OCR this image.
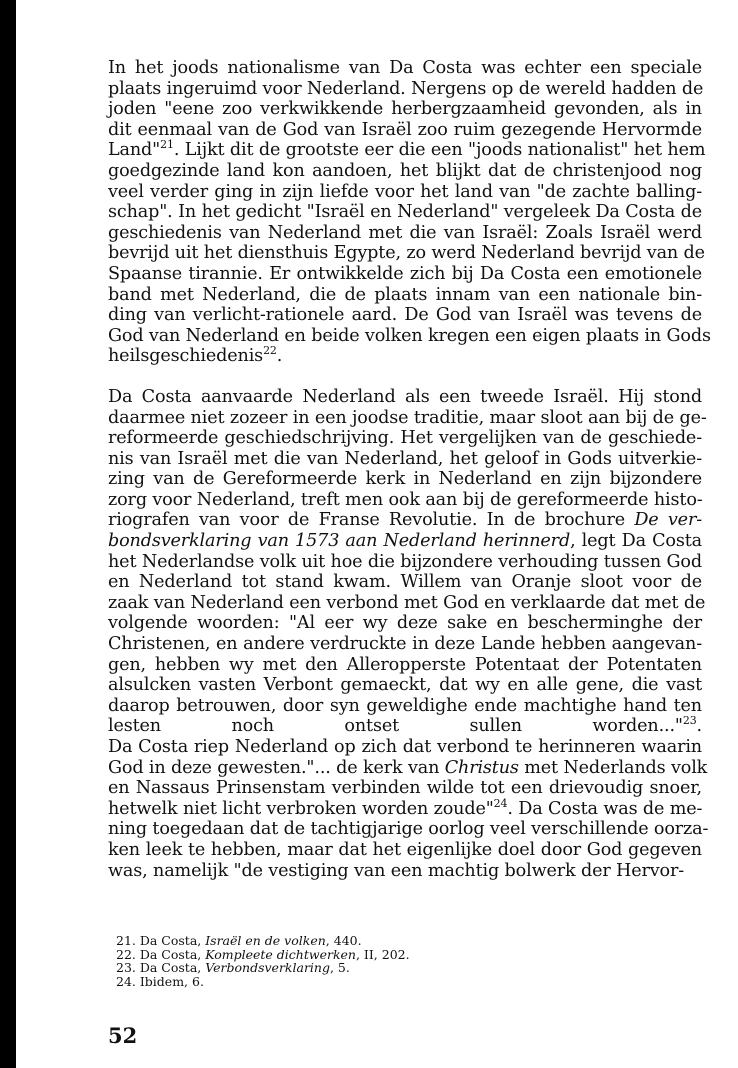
In het joods nationalisme van Da Costa was echter een speciale
plaats ingeruimd voor Nederland. Nergens op de wereld hadden de
joden "eene zoo verkwikkende herbergzaamheid gevonden, als in
dit eenmaal van de God van Israël zoo ruim gezegende Hervormde
Land"$^{21}$. Lijkt dit de grootste eer die een "joods nationalist" het hem
goedgezinde land kon aandoen, het blijkt dat de christenjood nog
veel verder ging in zijn liefde voor het land van "de zachte balling-
schap". In het gedicht "Israël en Nederland" vergeleek Da Costa de
geschiedenis van Nederland met die van Israël: Zoals Israël werd
bevrijd uit het diensthuis Egypte, zo werd Nederland bevrijd van de
Spaanse tirannie. Er ontwikkelde zich bij Da Costa een emotionele
band met Nederland, die de plaats innam van een nationale bin-
ding van verlicht-rationele aard. De God van Israël was tevens de
God van Nederland en beide volken kregen een eigen plaats in Gods
heilsgeschiedenis$^{22}$.
Da Costa aanvaarde Nederland als een tweede Israël. Hij stond
daarmee niet zozeer in een joodse traditie, maar sloot aan bij de ge-
reformeerde geschiedschrijving. Het vergelijken van de geschiede-
nis van Israël met die van Nederland, het geloof in Gods uitverkie-
zing van de Gereformeerde kerk in Nederland en zijn bijzondere
zorg voor Nederland, treft men ook aan bij de gereformeerde histo-
riografen van voor de Franse Revolutie. In de brochure De ver-
bondsverklaring van 1573 aan Nederland herinnerd, legt Da Costa
het Nederlandse volk uit hoe die bijzondere verhouding tussen God
en Nederland tot stand kwam. Willem van Oranje sloot voor de
zaak van Nederland een verbond met God en verklaarde dat met de
volgende woorden: "Al eer wy deze sake en bescherminghe der
Christenen, en andere verdruckte in deze Lande hebben aangevan-
gen, hebben wy met den Alleropperste Potentaat der Potentaten
alsulcken vasten Verbont gemaeckt, dat wy en alle gene, die vast
daarop betrouwen, door syn geweldighe ende machtighe hand ten
lesten noch ontset sullen worden..."$^{23}$.
Da Costa riep Nederland op zich dat verbond te herinneren waarin
God in deze gewesten."... de kerk van Christus met Nederlands volk
en Nassaus Prinsenstam verbinden wilde tot een drievoudig snoer,
hetwelk niet licht verbroken worden zoude"$^{24}$. Da Costa was de me-
ning toegedaan dat de tachtigjarige oorlog veel verschillende oorza-
ken leek te hebben, maar dat het eigenlijke doel door God gegeven
was, namelijk "de vestiging van een machtig bolwerk der Hervor-
21. Da Costa, Israël en de volken, 440.
22. Da Costa, Kompleete dichtwerken, II, 202.
23. Da Costa, Verbondsverklaring, 5.
24. Ibidem, 6.
52
